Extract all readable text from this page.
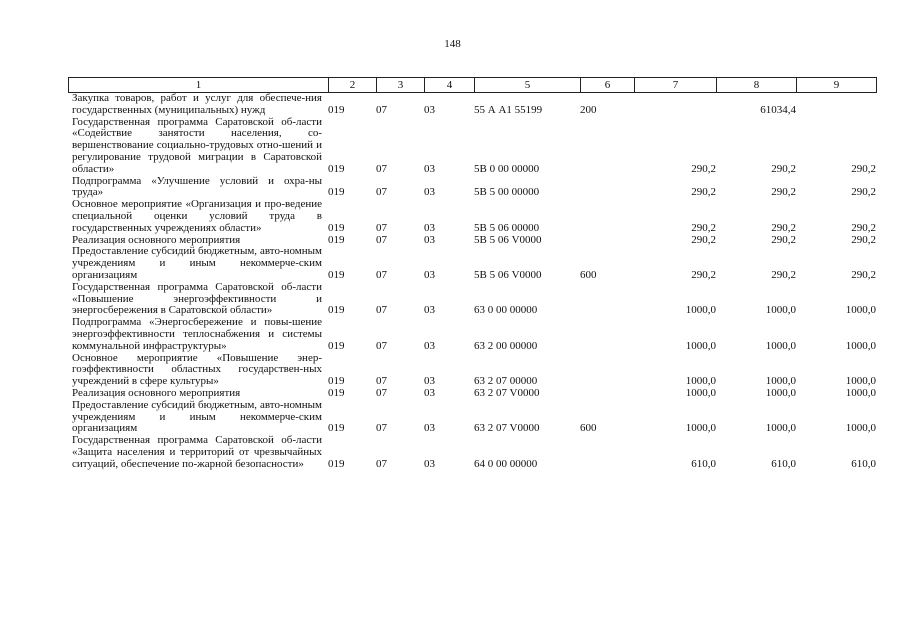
148
1	2	3	4	5	6	7	8	9
Закупка товаров, работ и услуг для обеспече-ния государственных (муниципальных) нужд	019	07	03	55 А А1 55199	200		61034,4	
Государственная программа Саратовской об-ласти «Содействие занятости населения, со-вершенствование социально-трудовых отно-шений и регулирование трудовой миграции в Саратовской области»	019	07	03	5В 0 00 00000		290,2	290,2	290,2
Подпрограмма «Улучшение условий и охра-ны труда»	019	07	03	5В 5 00 00000		290,2	290,2	290,2
Основное мероприятие «Организация и про-ведение специальной оценки условий труда в государственных учреждениях области»	019	07	03	5В 5 06 00000		290,2	290,2	290,2
Реализация основного мероприятия	019	07	03	5В 5 06 V0000		290,2	290,2	290,2
Предоставление субсидий бюджетным, авто-номным учреждениям и иным некоммерче-ским организациям	019	07	03	5В 5 06 V0000	600	290,2	290,2	290,2
Государственная программа Саратовской об-ласти «Повышение энергоэффективности и энергосбережения в Саратовской области»	019	07	03	63 0 00 00000		1000,0	1000,0	1000,0
Подпрограмма «Энергосбережение и повы-шение энергоэффективности теплоснабжения и системы коммунальной инфраструктуры»	019	07	03	63 2 00 00000		1000,0	1000,0	1000,0
Основное мероприятие «Повышение энер-гоэффективности областных государствен-ных учреждений в сфере культуры»	019	07	03	63 2 07 00000		1000,0	1000,0	1000,0
Реализация основного мероприятия	019	07	03	63 2 07 V0000		1000,0	1000,0	1000,0
Предоставление субсидий бюджетным, авто-номным учреждениям и иным некоммерче-ским организациям	019	07	03	63 2 07 V0000	600	1000,0	1000,0	1000,0
Государственная программа Саратовской об-ласти «Защита населения и территорий от чрезвычайных ситуаций, обеспечение по-жарной безопасности»	019	07	03	64 0 00 00000		610,0	610,0	610,0
